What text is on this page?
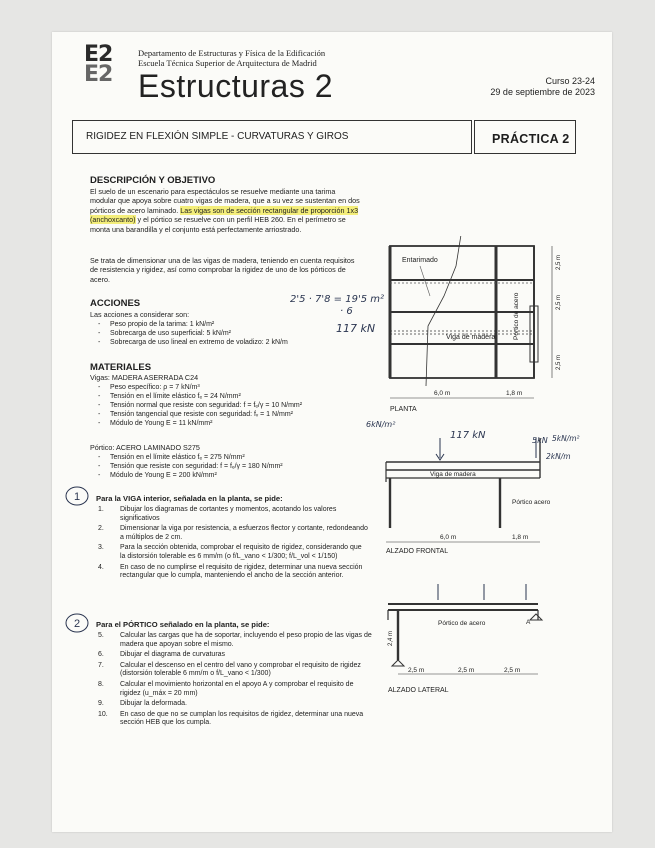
E2
E2
Departamento de Estructuras y Física de la Edificación
Escuela Técnica Superior de Arquitectura de Madrid
Estructuras 2	Curso 23-24
29 de septiembre de 2023
RIGIDEZ EN FLEXIÓN SIMPLE - CURVATURAS Y GIROS	PRÁCTICA 2
DESCRIPCIÓN Y OBJETIVO
El suelo de un escenario para espectáculos se resuelve mediante una tarima modular que apoya sobre cuatro vigas de madera, que a su vez se sustentan en dos pórticos de acero laminado. Las vigas son de sección rectangular de proporción 1x3 (anchoxcanto) y el pórtico se resuelve con un perfil HEB 260. En el perímetro se monta una barandilla y el conjunto está perfectamente arriostrado.
Se trata de dimensionar una de las vigas de madera, teniendo en cuenta requisitos de resistencia y rigidez, así como comprobar la rigidez de uno de los pórticos de acero.
ACCIONES
Las acciones a considerar son:
- Peso propio de la tarima: 1 kN/m²
- Sobrecarga de uso superficial: 5 kN/m²
- Sobrecarga de uso lineal en extremo de voladizo: 2 kN/m
MATERIALES
Vigas: MADERA ASERRADA C24
- Peso específico: ρ = 7 kN/m³
- Tensión en el límite elástico fₑ = 24 N/mm²
- Tensión normal que resiste con seguridad: f = fₑ/γ = 10 N/mm²
- Tensión tangencial que resiste con seguridad: fᵥ = 1 N/mm²
- Módulo de Young E = 11 kN/mm²
Pórtico: ACERO LAMINADO S275
- Tensión en el límite elástico fₑ = 275 N/mm²
- Tensión que resiste con seguridad: f = fₑ/γ = 180 N/mm²
- Módulo de Young E = 200 kN/mm²
Para la VIGA interior, señalada en la planta, se pide:
1. Dibujar los diagramas de cortantes y momentos, acotando los valores significativos
2. Dimensionar la viga por resistencia, a esfuerzos flector y cortante, redondeando a múltiplos de 2 cm.
3. Para la sección obtenida, comprobar el requisito de rigidez, considerando que la distorsión tolerable es 6 mm/m (o f/L_vano < 1/300; f/L_vol < 1/150)
4. En caso de no cumplirse el requisito de rigidez, determinar una nueva sección rectangular que lo cumpla, manteniendo el ancho de la sección anterior.
Para el PÓRTICO señalado en la planta, se pide:
5. Calcular las cargas que ha de soportar, incluyendo el peso propio de las vigas de madera que apoyan sobre el mismo.
6. Dibujar el diagrama de curvaturas
7. Calcular el descenso en el centro del vano y comprobar el requisito de rigidez (distorsión tolerable 6 mm/m o f/L_vano < 1/300)
8. Calcular el movimiento horizontal en el apoyo A y comprobar el requisito de rigidez (u_máx = 20 mm)
9. Dibujar la deformada.
10. En caso de que no se cumplan los requisitos de rigidez, determinar una nueva sección HEB que los cumpla.
1
2
2'5 · 7'8 = 19'5 m²
· 6
117 kN
Entarimado
Pórtico de acero
Viga de madera
2,5 m
2,5 m
2,5 m
6,0 m	1,8 m
PLANTA
Viga de madera
Pórtico acero
6,0 m	1,8 m
ALZADO FRONTAL
6kN/m²
117 kN	5kN 5kN/m²
2kN/m
Pórtico de acero	A
2,4 m
2,5 m	2,5 m	2,5 m
ALZADO LATERAL
